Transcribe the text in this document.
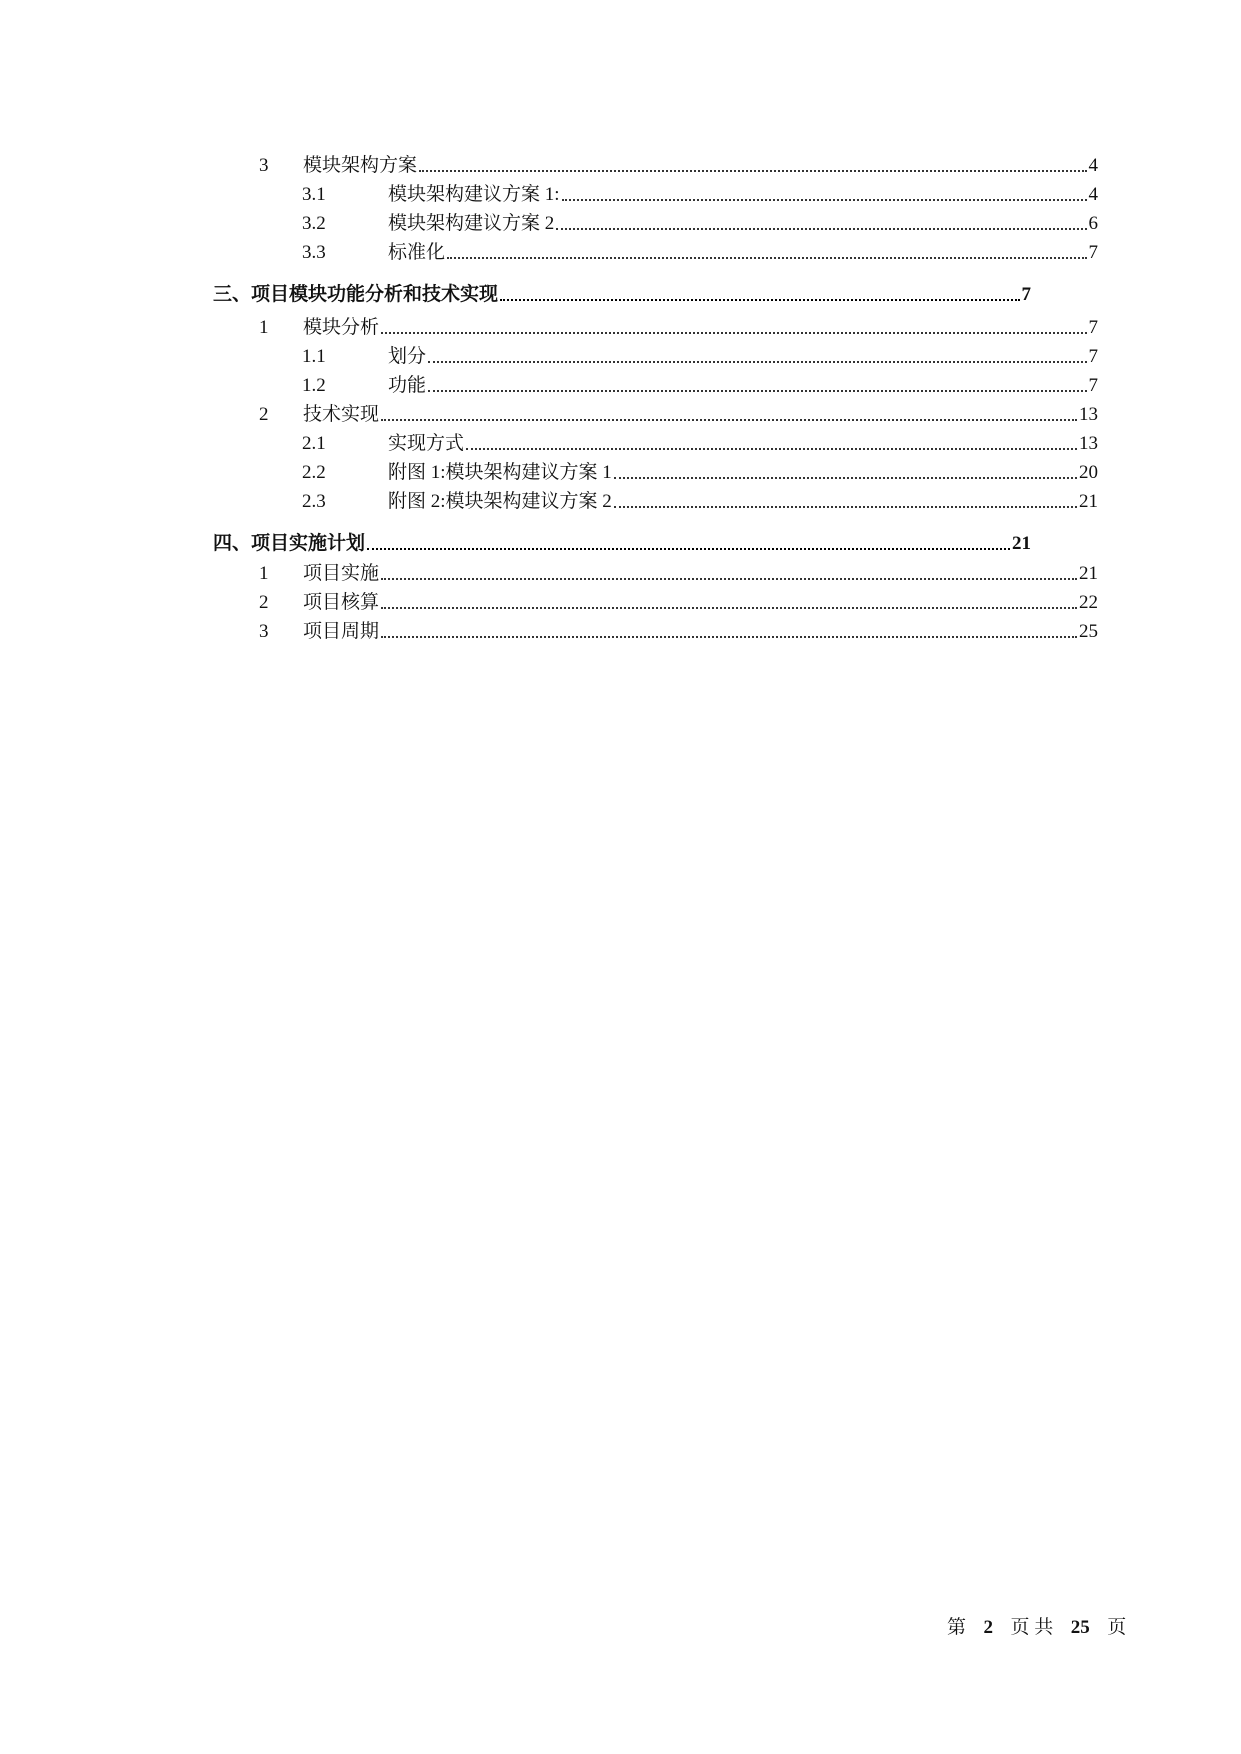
3	模块架构方案	4
3.1	模块架构建议方案 1:	4
3.2	模块架构建议方案 2	6
3.3	标准化	7
三、 项目模块功能分析和技术实现	7
1	模块分析	7
1.1	划分	7
1.2	功能	7
2	技术实现	13
2.1	实现方式	13
2.2	附图 1:模块架构建议方案 1	20
2.3	附图 2:模块架构建议方案 2	21
四、 项目实施计划	21
1	项目实施	21
2	项目核算	22
3	项目周期	25
第 2 页 共 25 页
